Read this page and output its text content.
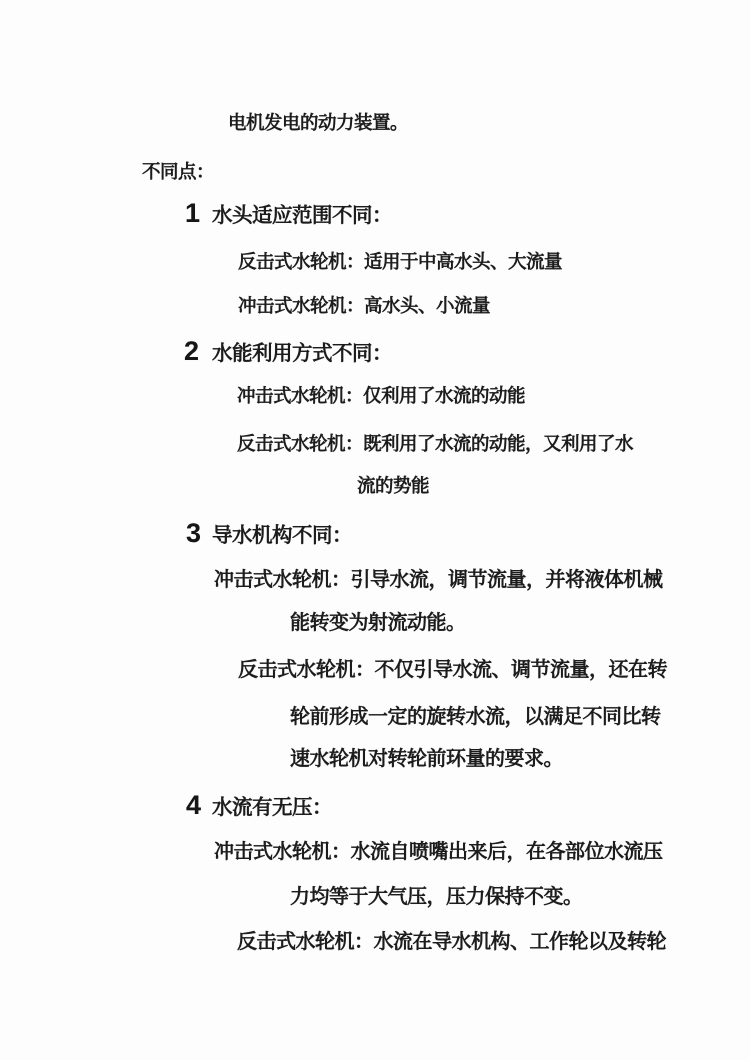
电机发电的动力装置。
不同点：
1 水头适应范围不同：
反击式水轮机：适用于中高水头、大流量
冲击式水轮机：高水头、小流量
2 水能利用方式不同：
冲击式水轮机：仅利用了水流的动能
反击式水轮机：既利用了水流的动能，又利用了水
流的势能
3 导水机构不同：
冲击式水轮机：引导水流，调节流量，并将液体机械
能转变为射流动能。
反击式水轮机：不仅引导水流、调节流量，还在转
轮前形成一定的旋转水流，以满足不同比转
速水轮机对转轮前环量的要求。
4 水流有无压：
冲击式水轮机：水流自喷嘴出来后，在各部位水流压
力均等于大气压，压力保持不变。
反击式水轮机：水流在导水机构、工作轮以及转轮
